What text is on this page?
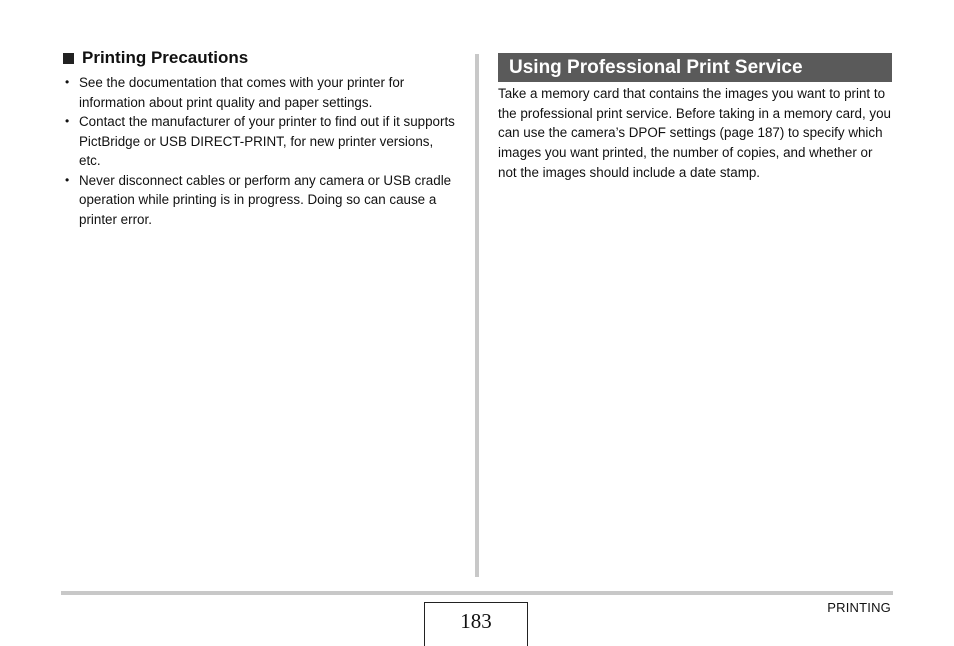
Printing Precautions
• See the documentation that comes with your printer for information about print quality and paper settings.
• Contact the manufacturer of your printer to find out if it supports PictBridge or USB DIRECT-PRINT, for new printer versions, etc.
• Never disconnect cables or perform any camera or USB cradle operation while printing is in progress. Doing so can cause a printer error.
Using Professional Print Service

Take a memory card that contains the images you want to print to the professional print service. Before taking in a memory card, you can use the camera’s DPOF settings (page 187) to specify which images you want printed, the number of copies, and whether or not the images should include a date stamp.

183
PRINTING
